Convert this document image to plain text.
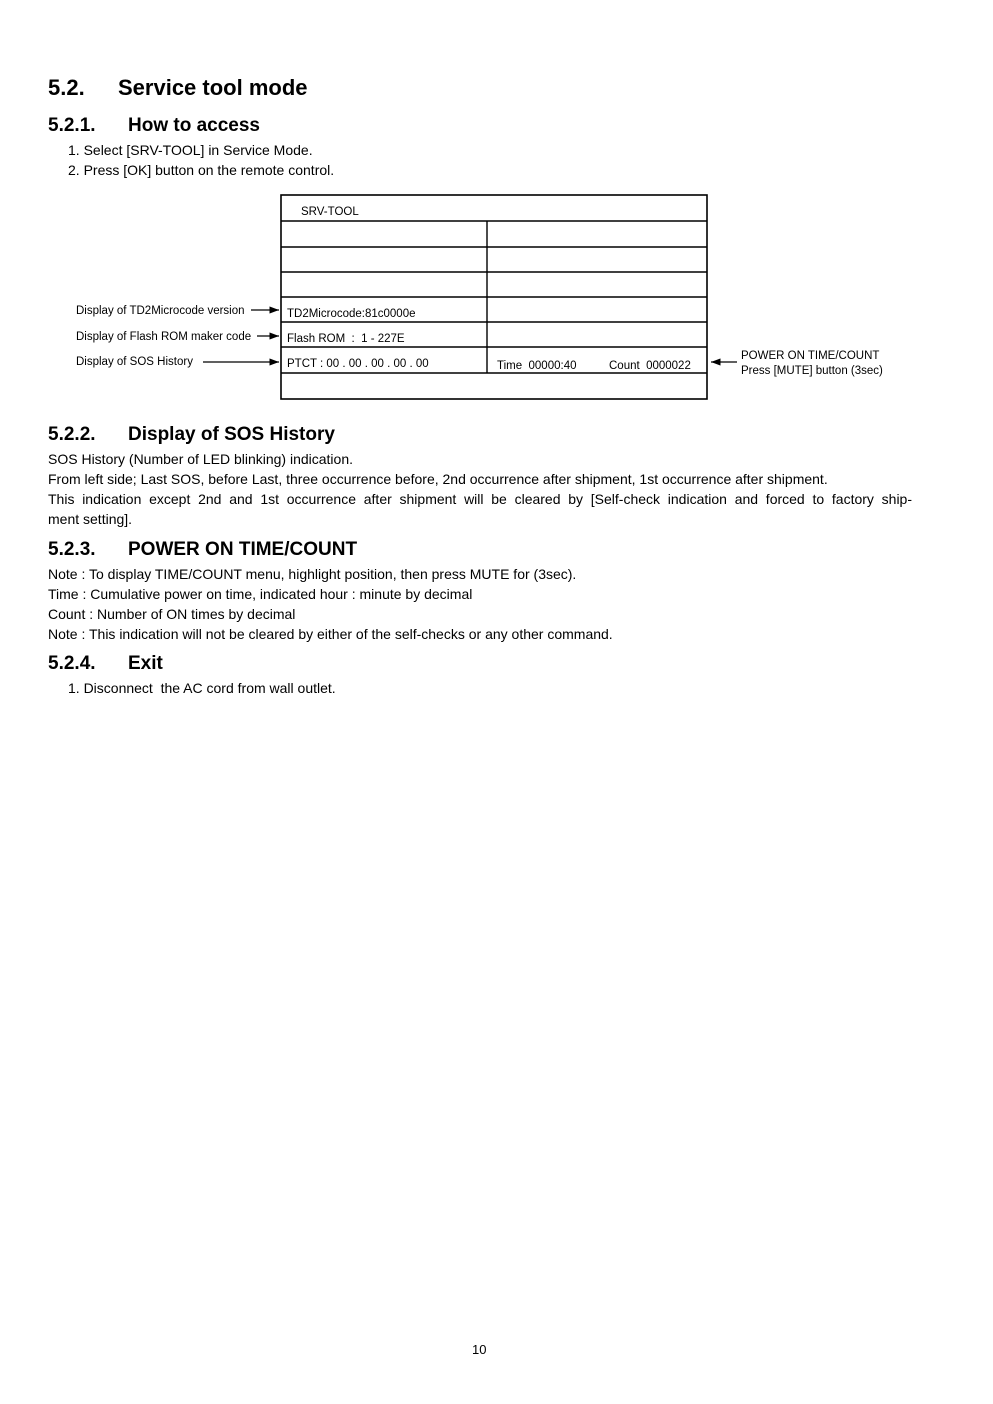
5.2. Service tool mode
5.2.1. How to access
1. Select [SRV-TOOL] in Service Mode.
2. Press [OK] button on the remote control.
SRV-TOOL
TD2Microcode:81c0000e
Flash ROM  :  1 - 227E
PTCT : 00 . 00 . 00 . 00 . 00	Time  00000:40	Count  0000022
Display of TD2Microcode version
Display of Flash ROM maker code
Display of SOS History	POWER ON TIME/COUNT
Press [MUTE] button (3sec)
5.2.2. Display of SOS History
SOS History (Number of LED blinking) indication.
From left side; Last SOS, before Last, three occurrence before, 2nd occurrence after shipment, 1st occurrence after shipment.
This indication except 2nd and 1st occurrence after shipment will be cleared by [Self-check indication and forced to factory ship-
ment setting].
5.2.3. POWER ON TIME/COUNT
Note : To display TIME/COUNT menu, highlight position, then press MUTE for (3sec).
Time : Cumulative power on time, indicated hour : minute by decimal
Count : Number of ON times by decimal
Note : This indication will not be cleared by either of the self-checks or any other command.
5.2.4. Exit
1. Disconnect  the AC cord from wall outlet.
10
